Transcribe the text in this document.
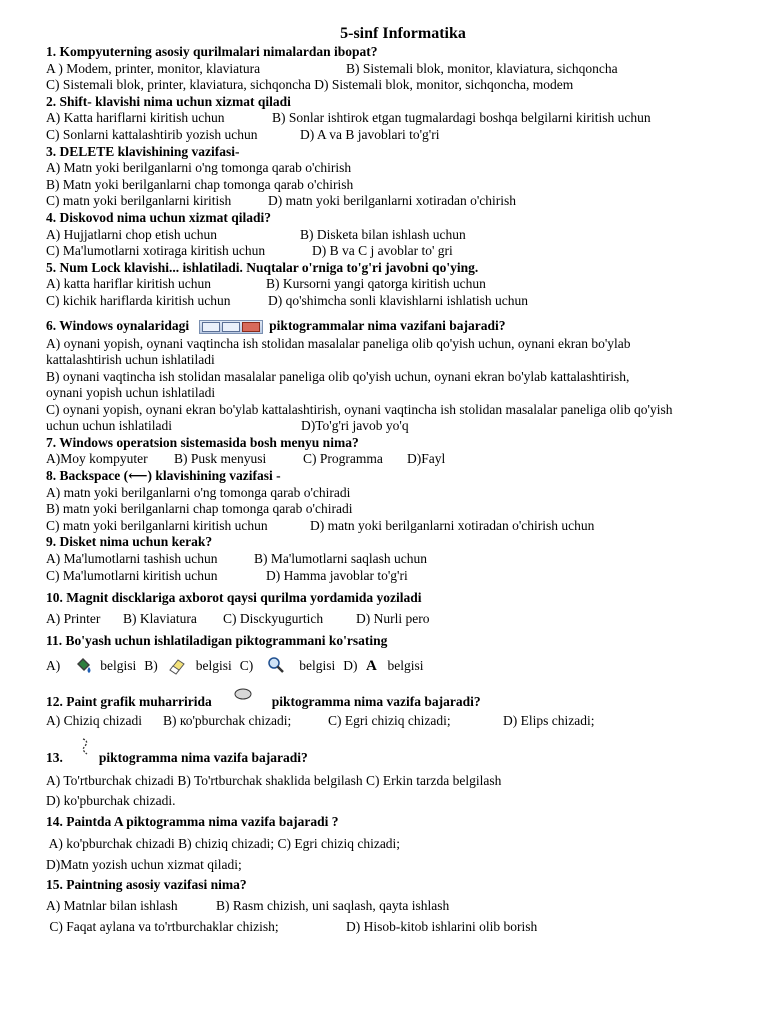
5-sinf Informatika
1. Kompyuterning asosiy qurilmalari nimalardan ibopat?
A ) Modem, printer, monitor, klaviatura	B) Sistemali blok, monitor, klaviatura, sichqoncha
C) Sistemali blok, printer, klaviatura, sichqoncha D) Sistemali blok, monitor, sichqoncha, modem
2. Shift- klavishi nima uchun xizmat qiladi
A) Katta hariflarni kiritish uchun	B) Sonlar ishtirok etgan tugmalardagi boshqa belgilarni kiritish uchun
C) Sonlarni kattalashtirib yozish uchun	D) A va B javoblari to'g'ri
3. DELETE klavishining vazifasi-
A) Matn yoki berilganlarni o'ng tomonga qarab o'chirish
B) Matn yoki berilganlarni chap tomonga qarab o'chirish
C) matn yoki berilganlarni kiritish	D) matn yoki berilganlarni xotiradan o'chirish
4. Diskovod nima uchun xizmat qiladi?
A) Hujjatlarni chop etish uchun	B) Disketa bilan ishlash uchun
C) Ma'lumotlarni xotiraga kiritish uchun	D) B va C j avoblar to' gri
5. Num Lock klavishi... ishlatiladi. Nuqtalar o'rniga to'g'ri javobni qo'ying.
A) katta hariflar kiritish uchun	B) Kursorni yangi qatorga kiritish uchun
C) kichik hariflarda kiritish uchun	D) qo'shimcha sonli klavishlarni ishlatish uchun
6. Windows oynalaridagi	piktogrammalar nima vazifani bajaradi?
A) oynani yopish, oynani vaqtincha ish stolidan masalalar paneliga olib qo'yish uchun, oynani ekran bo'ylab kattalashtirish uchun ishlatiladi
B) oynani vaqtincha ish stolidan masalalar paneliga olib qo'yish uchun, oynani ekran bo'ylab kattalashtirish, oynani yopish uchun ishlatiladi
C) oynani yopish, oynani ekran bo'ylab kattalashtirish, oynani vaqtincha ish stolidan masalalar paneliga olib qo'yish uchun uchun ishlatiladi	D)To'g'ri javob yo'q
7. Windows operatsion sistemasida bosh menyu nima?
A)Moy kompyuter B) Pusk menyusi	C) Programma D)Fayl
8. Backspace (⟵) klavishining vazifasi -
A) matn yoki berilganlarni o'ng tomonga qarab o'chiradi
B) matn yoki berilganlarni chap tomonga qarab o'chiradi
C) matn yoki berilganlarni kiritish uchun	D) matn yoki berilganlarni xotiradan o'chirish uchun
9. Disket nima uchun kerak?
A) Ma'lumotlarni tashish uchun	B) Ma'lumotlarni saqlash uchun
C) Ma'lumotlarni kiritish uchun	D) Hamma javoblar to'g'ri
10. Magnit discklariga axborot qaysi qurilma yordamida yoziladi
A) Printer B) Klaviatura C) Disckyugurtich D) Nurli pero
11. Bo'yash uchun ishlatiladigan piktogrammani ko'rsating
A)	belgisi B)	belgisi C)	belgisi D) A belgisi
12. Paint grafik muharririda	piktogramma nima vazifa bajaradi?
A) Chiziq chizadi B) ко'pburchak chizadi;	C) Egri chiziq chizadi;	D) Elips chizadi;
13.	piktogramma nima vazifa bajaradi?
A) To'rtburchak chizadi B) To'rtburchak shaklida belgilash C) Erkin tarzda belgilash
D) ko'pburchak chizadi.
14. Paintda A piktogramma nima vazifa bajaradi ?
A) ko'pburchak chizadi B) chiziq chizadi; C) Egri chiziq chizadi;
D)Matn yozish uchun xizmat qiladi;
15. Paintning asosiy vazifasi nima?
A) Matnlar bilan ishlash	B) Rasm chizish, uni saqlash, qayta ishlash
C) Faqat aylana va to'rtburchaklar chizish;	D) Hisob-kitob ishlarini olib borish
